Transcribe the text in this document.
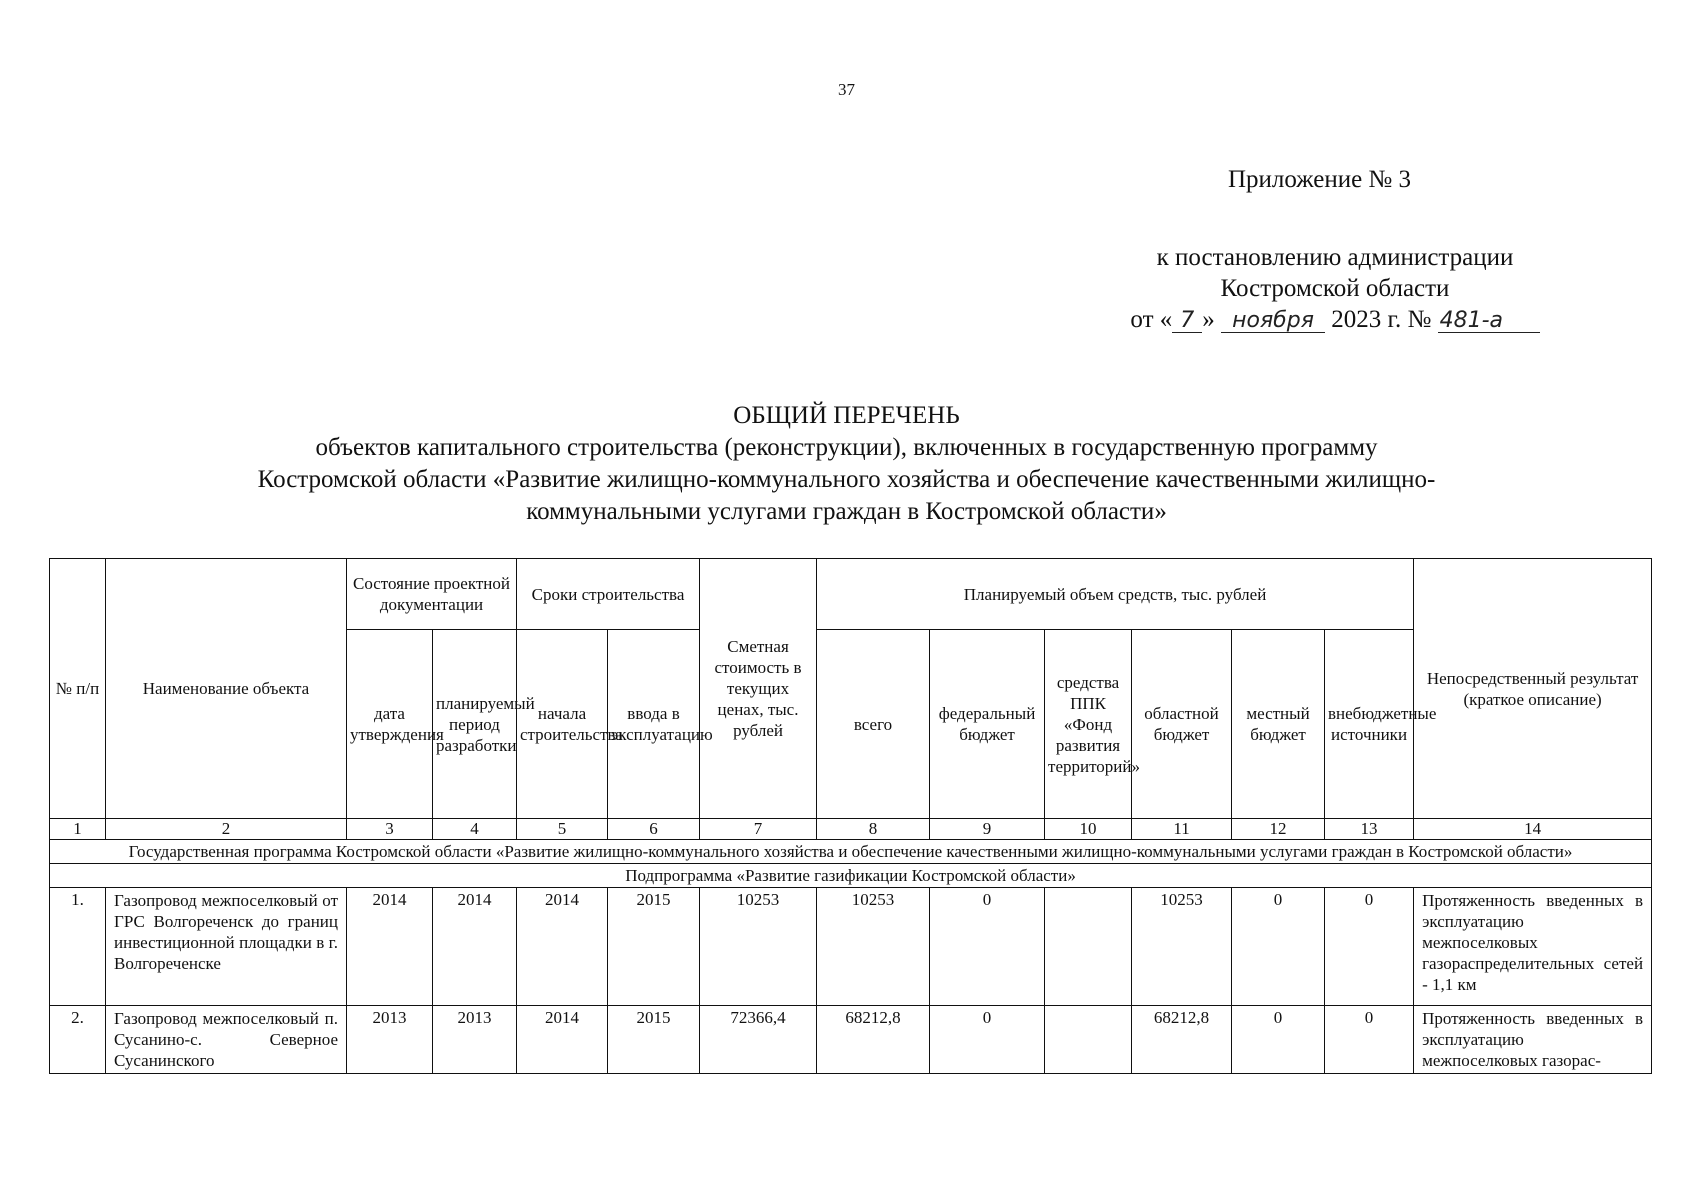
37
Приложение № 3
к постановлению администрации
Костромской области
от « 7 » ноября 2023 г. № 481-а
ОБЩИЙ ПЕРЕЧЕНЬ
объектов капитального строительства (реконструкции), включенных в государственную программу
Костромской области «Развитие жилищно-коммунального хозяйства и обеспечение качественными жилищно-
коммунальными услугами граждан в Костромской области»
№ п/п	Наименование объекта	Состояние проектной документации		Сроки строительства		Сметная стоимость в текущих ценах, тыс. рублей	Планируемый объем средств, тыс. рублей						Непосредственный результат (краткое описание)
		дата утверждения	планируемый период разработки	начала строительства	ввода в эксплуатацию		всего	федеральный бюджет	средства ППК «Фонд развития территорий»	областной бюджет	местный бюджет	внебюджетные источники	
1	2	3	4	5	6	7	8	9	10	11	12	13	14
Государственная программа Костромской области «Развитие жилищно-коммунального хозяйства и обеспечение качественными жилищно-коммунальными услугами граждан в Костромской области»													
Подпрограмма «Развитие газификации Костромской области»													
1.	Газопровод межпоселковый от ГРС Волгореченск до границ инвестиционной площадки в г. Волгореченске	2014	2014	2014	2015	10253	10253	0		10253	0	0	Протяженность введенных в эксплуатацию межпоселковых газораспределительных сетей - 1,1 км
2.	Газопровод межпоселковый п. Сусанино-с. Северное Сусанинского	2013	2013	2014	2015	72366,4	68212,8	0		68212,8	0	0	Протяженность введенных в эксплуатацию межпоселковых газорас-
